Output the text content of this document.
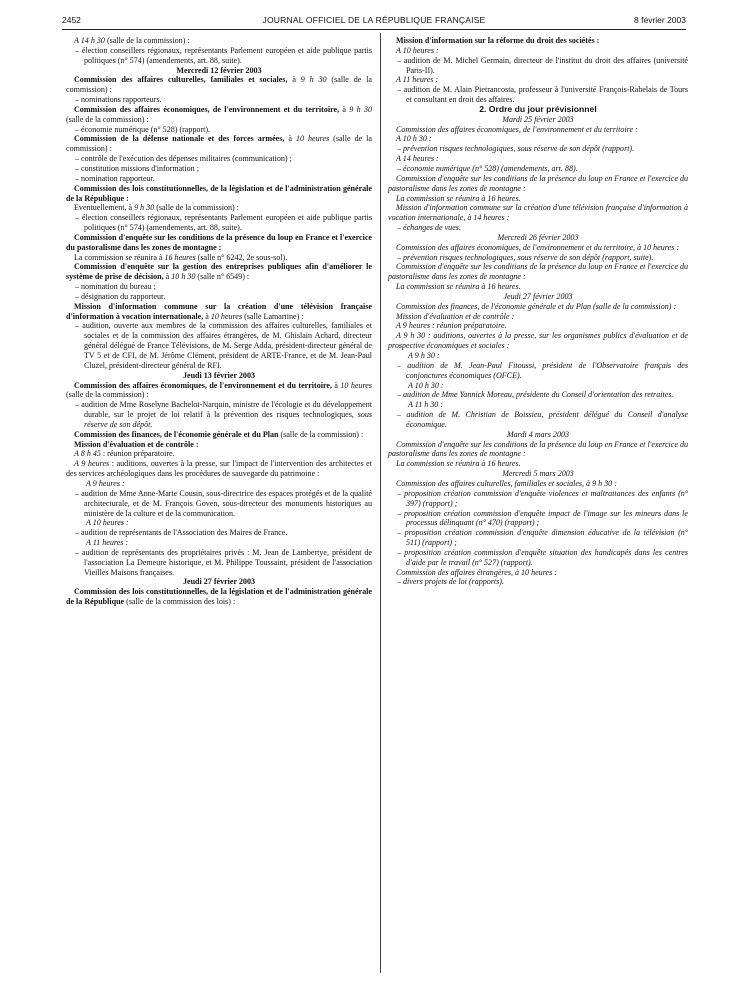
2452	JOURNAL OFFICIEL DE LA RÉPUBLIQUE FRANÇAISE	8 février 2003

A 14 h 30 (salle de la commission) :

– élection conseillers régionaux, représentants Parlement européen et aide publique partis politiques (n° 574) (amendements, art. 88, suite).

Mercredi 12 février 2003

Commission des affaires culturelles, familiales et sociales, à 9 h 30 (salle de la commission) :

– nominations rapporteurs.

Commission des affaires économiques, de l'environnement et du territoire, à 9 h 30 (salle de la commission) :

– économie numérique (n° 528) (rapport).

Commission de la défense nationale et des forces armées, à 10 heures (salle de la commission) :

– contrôle de l'exécution des dépenses militaires (communication) ;

– constitution missions d'information ;

– nomination rapporteur.

Commission des lois constitutionnelles, de la législation et de l'administration générale de la République :

Eventuellement, à 9 h 30 (salle de la commission) :

– élection conseillers régionaux, représentants Parlement européen et aide publique partis politiques (n° 574) (amendements, art. 88, suite).

Commission d'enquête sur les conditions de la présence du loup en France et l'exercice du pastoralisme dans les zones de montagne :

La commission se réunira à 16 heures (salle n° 6242, 2e sous-sol).

Commission d'enquête sur la gestion des entreprises publiques afin d'améliorer le système de prise de décision, à 10 h 30 (salle n° 6549) :

– nomination du bureau ;

– désignation du rapporteur.

Mission d'information commune sur la création d'une télévision française d'information à vocation internationale, à 10 heures (salle Lamartine) :

– audition, ouverte aux membres de la commission des affaires culturelles, familiales et sociales et de la commission des affaires étrangères, de M. Ghislain Achard, directeur général délégué de France Télévisions, de M. Serge Adda, président-directeur général de TV 5 et de CFI, de M. Jérôme Clément, président de ARTE-France, et de M. Jean-Paul Cluzel, président-directeur général de RFI.

Jeudi 13 février 2003

Commission des affaires économiques, de l'environnement et du territoire, à 10 heures (salle de la commission) :

– audition de Mme Roselyne Bachelot-Narquin, ministre de l'écologie et du développement durable, sur le projet de loi relatif à la prévention des risques technologiques, sous réserve de son dépôt.

Commission des finances, de l'économie générale et du Plan (salle de la commission) :

Mission d'évaluation et de contrôle :

A 8 h 45 : réunion préparatoire.

A 9 heures : auditions, ouvertes à la presse, sur l'impact de l'intervention des architectes et des services archéologiques dans les procédures de sauvegarde du patrimoine :

A 9 heures :

– audition de Mme Anne-Marie Cousin, sous-directrice des espaces protégés et de la qualité architecturale, et de M. François Goven, sous-directeur des monuments historiques au ministère de la culture et de la communication.

A 10 heures :

– audition de représentants de l'Association des Maires de France.

A 11 heures :

– audition de représentants des propriétaires privés : M. Jean de Lambertye, président de l'association La Demeure historique, et M. Philippe Toussaint, président de l'association Vieilles Maisons françaises.

Jeudi 27 février 2003

Commission des lois constitutionnelles, de la législation et de l'administration générale de la République (salle de la commission des lois) :

Mission d'information sur la réforme du droit des sociétés :

A 10 heures :

– audition de M. Michel Germain, directeur de l'institut du droit des affaires (université Paris-II).

A 11 heures :

– audition de M. Alain Pietrancosta, professeur à l'université François-Rabelais de Tours et consultant en droit des affaires.

2. Ordre du jour prévisionnel

Mardi 25 février 2003

Commission des affaires économiques, de l'environnement et du territoire :

A 10 h 30 :

– prévention risques technologiques, sous réserve de son dépôt (rapport).

A 14 heures :

– économie numérique (n° 528) (amendements, art. 88).

Commission d'enquête sur les conditions de la présence du loup en France et l'exercice du pastoralisme dans les zones de montagne :

La commission se réunira à 16 heures.

Mission d'information commune sur la création d'une télévision française d'information à vocation internationale, à 14 heures :

– échanges de vues.

Mercredi 26 février 2003

Commission des affaires économiques, de l'environnement et du territoire, à 10 heures :

– prévention risques technologiques, sous réserve de son dépôt (rapport, suite).

Commission d'enquête sur les conditions de la présence du loup en France et l'exercice du pastoralisme dans les zones de montagne :

La commission se réunira à 16 heures.

Jeudi 27 février 2003

Commission des finances, de l'économie générale et du Plan (salle de la commission) :

Mission d'évaluation et de contrôle :

A 9 heures : réunion préparatoire.

A 9 h 30 : auditions, ouvertes à la presse, sur les organismes publics d'évaluation et de prospective économiques et sociales :

A 9 h 30 :

– audition de M. Jean-Paul Fitoussi, président de l'Observatoire français des conjonctures économiques (OFCE).

A 10 h 30 :

– audition de Mme Yannick Moreau, présidente du Conseil d'orientation des retraites.

A 11 h 30 :

– audition de M. Christian de Boissieu, président délégué du Conseil d'analyse économique.

Mardi 4 mars 2003

Commission d'enquête sur les conditions de la présence du loup en France et l'exercice du pastoralisme dans les zones de montagne :

La commission se réunira à 16 heures.

Mercredi 5 mars 2003

Commission des affaires culturelles, familiales et sociales, à 9 h 30 :

– proposition création commission d'enquête violences et maltraitances des enfants (n° 397) (rapport) ;

– proposition création commission d'enquête impact de l'image sur les mineurs dans le processus délinquant (n° 470) (rapport) ;

– proposition création commission d'enquête dimension éducative de la télévision (n° 511) (rapport) ;

– proposition création commission d'enquête situation des handicapés dans les centres d'aide par le travail (n° 527) (rapport).

Commission des affaires étrangères, à 10 heures :

– divers projets de loi (rapports).
